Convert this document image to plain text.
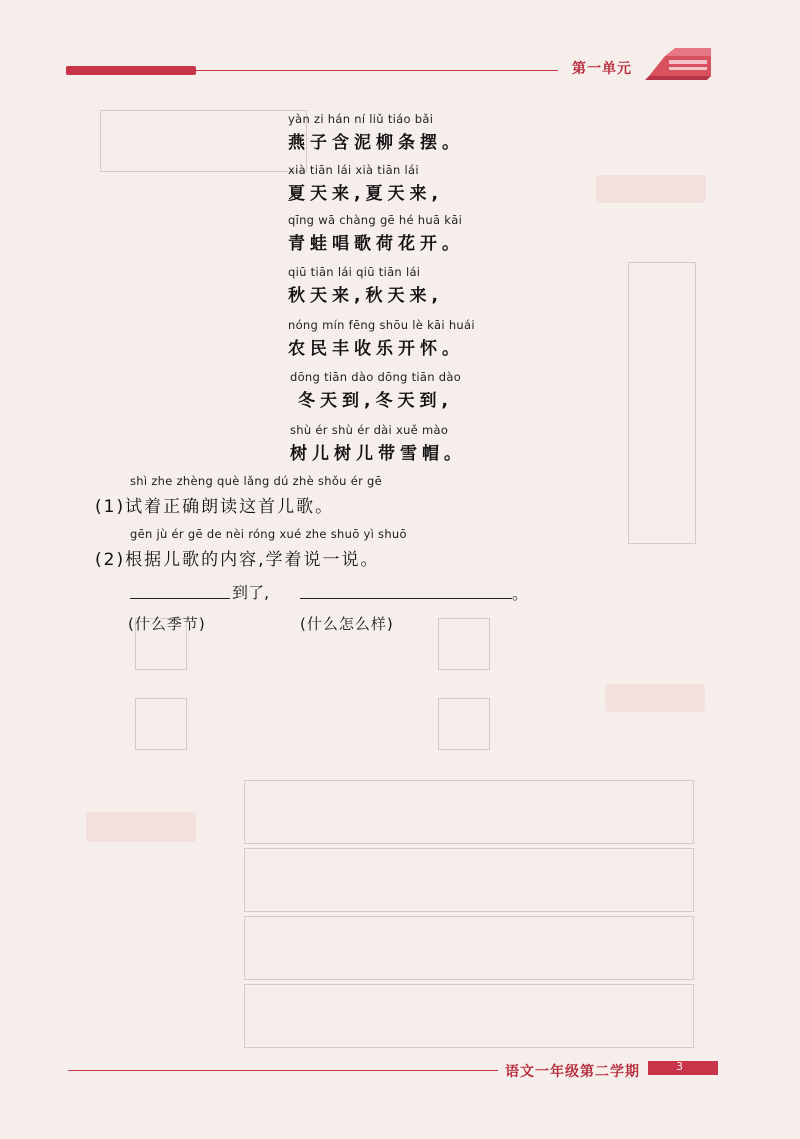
第一单元
yàn zi hán ní liǔ tiáo bǎi
燕子含泥柳条摆。
xià tiān lái xià tiān lái
夏天来,夏天来,
qīng wā chàng gē hé huā kāi
青蛙唱歌荷花开。
qiū tiān lái qiū tiān lái
秋天来,秋天来,
nóng mín fēng shōu lè kāi huái
农民丰收乐开怀。
dōng tiān dào dōng tiān dào
冬天到,冬天到,
shù ér shù ér dài xuě mào
树儿树儿带雪帽。
shì zhe zhèng què lǎng dú zhè shǒu ér gē
(1)试着正确朗读这首儿歌。
gēn jù ér gē de nèi róng xué zhe shuō yì shuō
(2)根据儿歌的内容,学着说一说。
到了,	。
(什么季节)	(什么怎么样)
语文一年级第二学期	3
